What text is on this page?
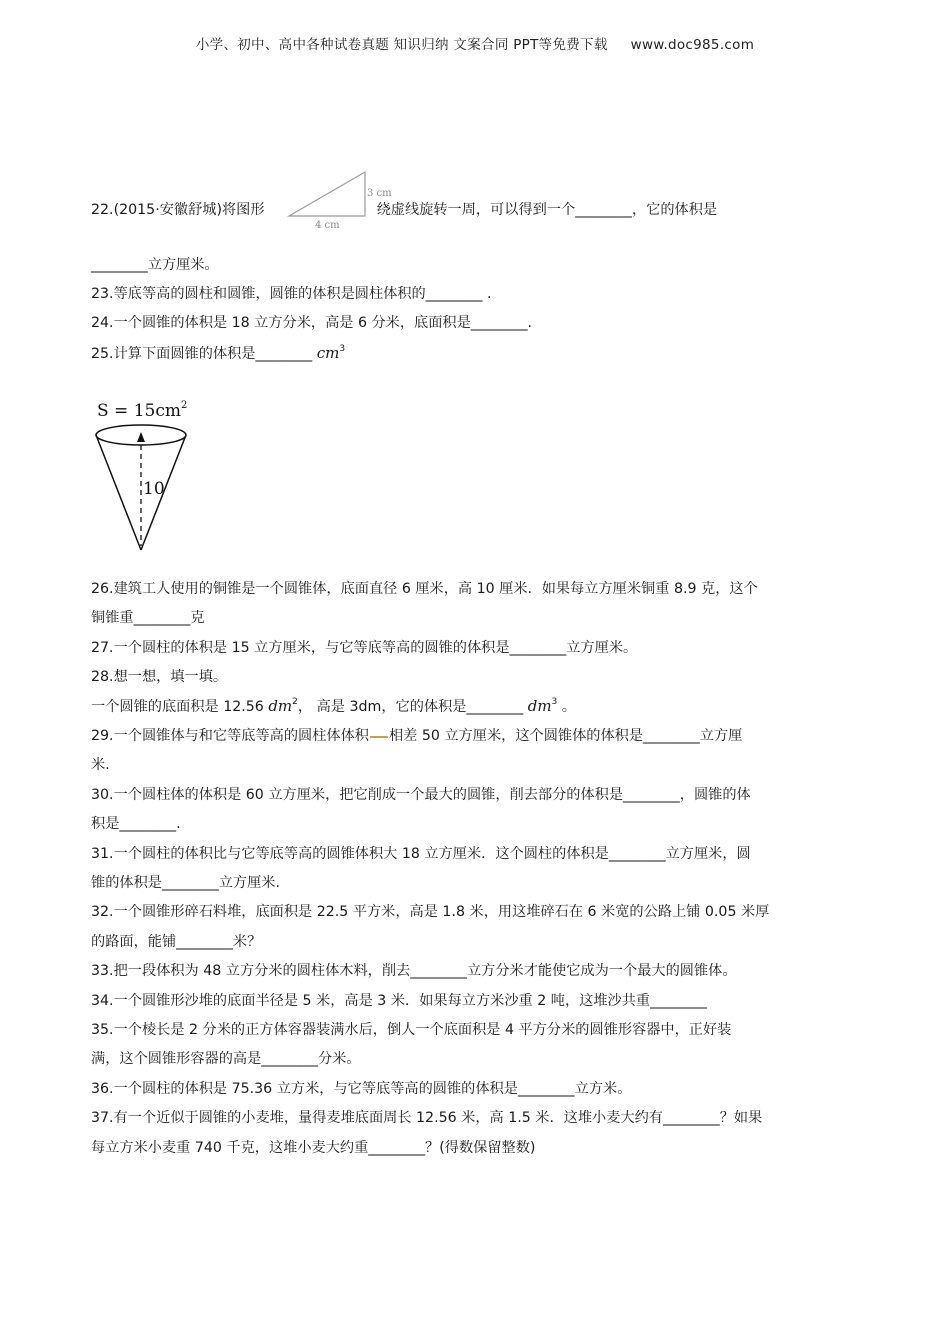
小学、初中、高中各种试卷真题 知识归纳 文案合同 PPT等免费下载 www.doc985.com
22.(2015·安徽舒城)将图形	绕虚线旋转一周，可以得到一个________，它的体积是
3 cm
4 cm
________立方厘米。
23.等底等高的圆柱和圆锥，圆锥的体积是圆柱体积的________ .
24.一个圆锥的体积是 18 立方分米，高是 6 分米，底面积是________.
25.计算下面圆锥的体积是________ $cm^3$
S = 15cm 2
10
26.建筑工人使用的铜锥是一个圆锥体，底面直径 6 厘米，高 10 厘米．如果每立方厘米铜重 8.9 克，这个
铜锥重________克
27.一个圆柱的体积是 15 立方厘米，与它等底等高的圆锥的体积是________立方厘米。
28.想一想，填一填。
一个圆锥的底面积是 12.56 $dm^2$， 高是 3dm，它的体积是________ $dm^3$ 。
29.一个圆锥体与和它等底等高的圆柱体体积 相差 50 立方厘米，这个圆锥体的体积是________立方厘
米.
30.一个圆柱体的体积是 60 立方厘米，把它削成一个最大的圆锥，削去部分的体积是________，圆锥的体
积是________.
31.一个圆柱的体积比与它等底等高的圆锥体积大 18 立方厘米．这个圆柱的体积是________立方厘米，圆
锥的体积是________立方厘米.
32.一个圆锥形碎石料堆，底面积是 22.5 平方米，高是 1.8 米，用这堆碎石在 6 米宽的公路上铺 0.05 米厚
的路面，能铺________米？
33.把一段体积为 48 立方分米的圆柱体木料，削去________立方分米才能使它成为一个最大的圆锥体。
34.一个圆锥形沙堆的底面半径是 5 米，高是 3 米．如果每立方米沙重 2 吨，这堆沙共重________
35.一个棱长是 2 分米的正方体容器装满水后，倒人一个底面积是 4 平方分米的圆锥形容器中，正好装
满，这个圆锥形容器的高是________分米。
36.一个圆柱的体积是 75.36 立方米，与它等底等高的圆锥的体积是________立方米。
37.有一个近似于圆锥的小麦堆，量得麦堆底面周长 12.56 米，高 1.5 米．这堆小麦大约有________？如果
每立方米小麦重 740 千克，这堆小麦大约重________？(得数保留整数)
